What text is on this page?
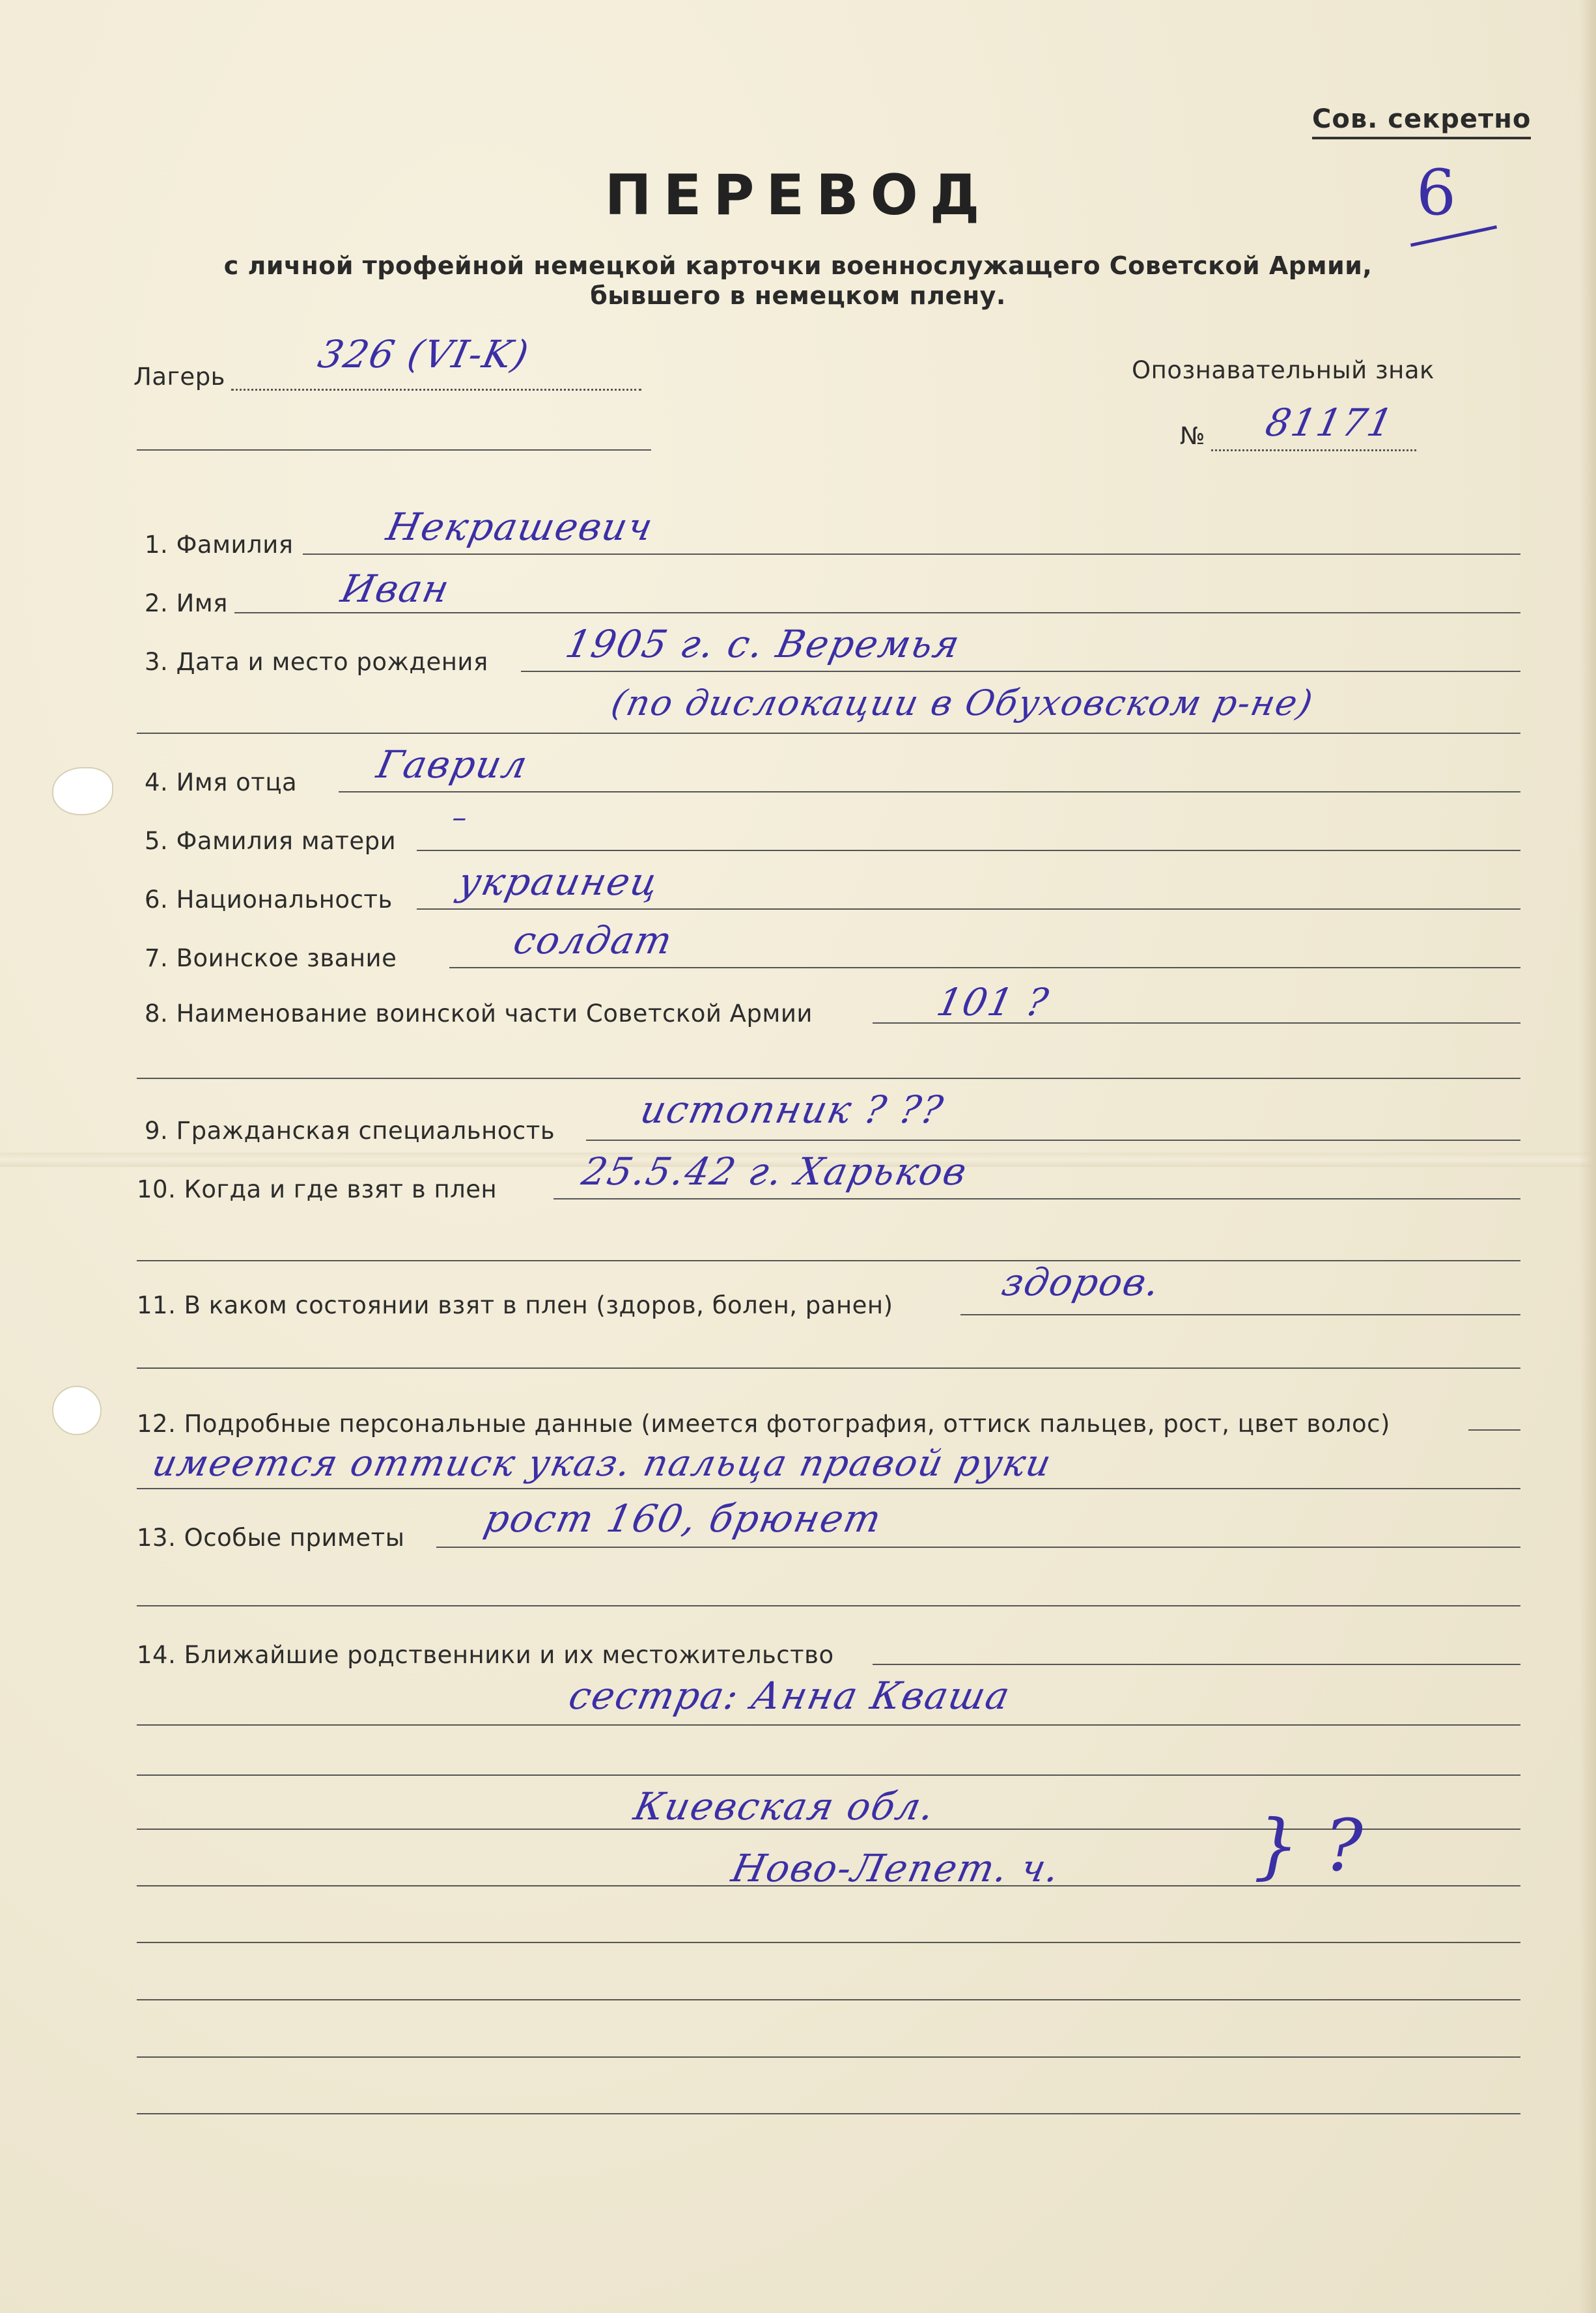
Сов. секретно
6
ПЕРЕВОД
с личной трофейной немецкой карточки военнослужащего Советской Армии,
бывшего в немецком плену.
Лагерь
326 (VI-K)	Опознавательный знак
№ 81171
1. Фамилия Некрашевич
2. Имя	Иван
3. Дата и место рождения 1905 г. с. Веремья
(по дислокации в Обуховском р-не)
4. Имя отца Гаврил
5. Фамилия матери
–
6. Национальность украинец
7. Воинское звание	солдат
8. Наименование воинской части Советской Армии	101 ?
9. Гражданская специальность истопник ? ??
10. Когда и где взят в плен 25.5.42 г. Харьков
11. В каком состоянии взят в плен (здоров, болен, ранен)
здоров.
12. Подробные персональные данные (имеется фотография, оттиск пальцев, рост, цвет волос)
имеется оттиск указ. пальца правой руки
13. Особые приметы рост 160, брюнет
14. Ближайшие родственники и их местожительство
сестра: Анна Кваша
Киевская обл.
Ново-Лепет. ч.	} ?
